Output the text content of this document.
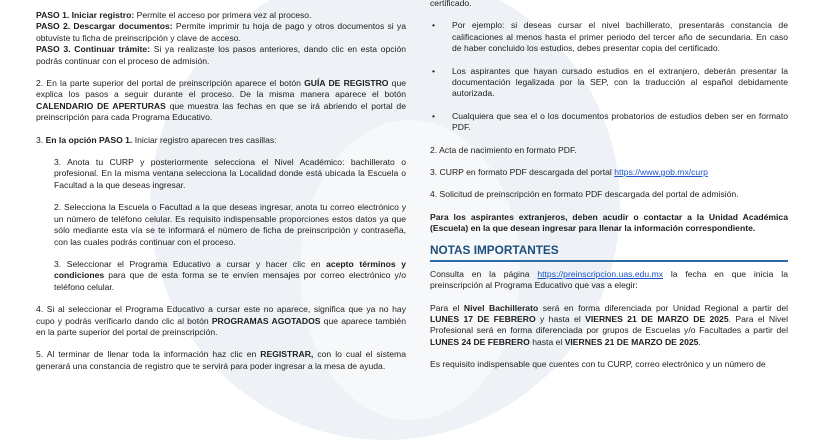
PASO 1. Iniciar registro: Permite el acceso por primera vez al proceso.

PASO 2. Descargar documentos: Permite imprimir tu hoja de pago y otros documentos si ya obtuviste tu ficha de preinscripción y clave de acceso.

PASO 3. Continuar trámite: Si ya realizaste los pasos anteriores, dando clic en esta opción podrás continuar con el proceso de admisión.

2. En la parte superior del portal de preinscripción aparece el botón GUÍA DE REGISTRO que explica los pasos a seguir durante el proceso. De la misma manera aparece el botón CALENDARIO DE APERTURAS que muestra las fechas en que se irá abriendo el portal de preinscripción para cada Programa Educativo.

3. En la opción PASO 1. Iniciar registro aparecen tres casillas:

3. Anota tu CURP y posteriormente selecciona el Nivel Académico: bachillerato o profesional. En la misma ventana selecciona la Localidad donde está ubicada la Escuela o Facultad a la que deseas ingresar.

2. Selecciona la Escuela o Facultad a la que deseas ingresar, anota tu correo electrónico y un número de teléfono celular. Es requisito indispensable proporciones estos datos ya que sólo mediante esta vía se te informará el número de ficha de preinscripción y contraseña, con las cuales podrás continuar con el proceso.

3. Seleccionar el Programa Educativo a cursar y hacer clic en acepto términos y condiciones para que de esta forma se te envíen mensajes por correo electrónico y/o teléfono celular.

4. Si al seleccionar el Programa Educativo a cursar este no aparece, significa que ya no hay cupo y podrás verificarlo dando clic al botón PROGRAMAS AGOTADOS que aparece también en la parte superior del portal de preinscripción.

5. Al terminar de llenar toda la información haz clic en REGISTRAR, con lo cual el sistema generará una constancia de registro que te servirá para poder ingresar a la mesa de ayuda.

certificado.

• Por ejemplo: si deseas cursar el nivel bachillerato, presentarás constancia de calificaciones al menos hasta el primer periodo del tercer año de secundaria. En caso de haber concluido los estudios, debes presentar copia del certificado.
• Los aspirantes que hayan cursado estudios en el extranjero, deberán presentar la documentación legalizada por la SEP, con la traducción al español debidamente autorizada.
• Cualquiera que sea el o los documentos probatorios de estudios deben ser en formato PDF.

2. Acta de nacimiento en formato PDF.

3. CURP en formato PDF descargada del portal https://www.gob.mx/curp

4. Solicitud de preinscripción en formato PDF descargada del portal de admisión.

Para los aspirantes extranjeros, deben acudir o contactar a la Unidad Académica (Escuela) en la que desean ingresar para llenar la información correspondiente.

NOTAS IMPORTANTES

Consulta en la página https://preinscripcion.uas.edu.mx la fecha en que inicia la preinscripción al Programa Educativo que vas a elegir:

Para el Nivel Bachillerato será en forma diferenciada por Unidad Regional a partir del LUNES 17 DE FEBRERO y hasta el VIERNES 21 DE MARZO DE 2025. Para el Nivel Profesional será en forma diferenciada por grupos de Escuelas y/o Facultades a partir del LUNES 24 DE FEBRERO hasta el VIERNES 21 DE MARZO DE 2025.

Es requisito indispensable que cuentes con tu CURP, correo electrónico y un número de
